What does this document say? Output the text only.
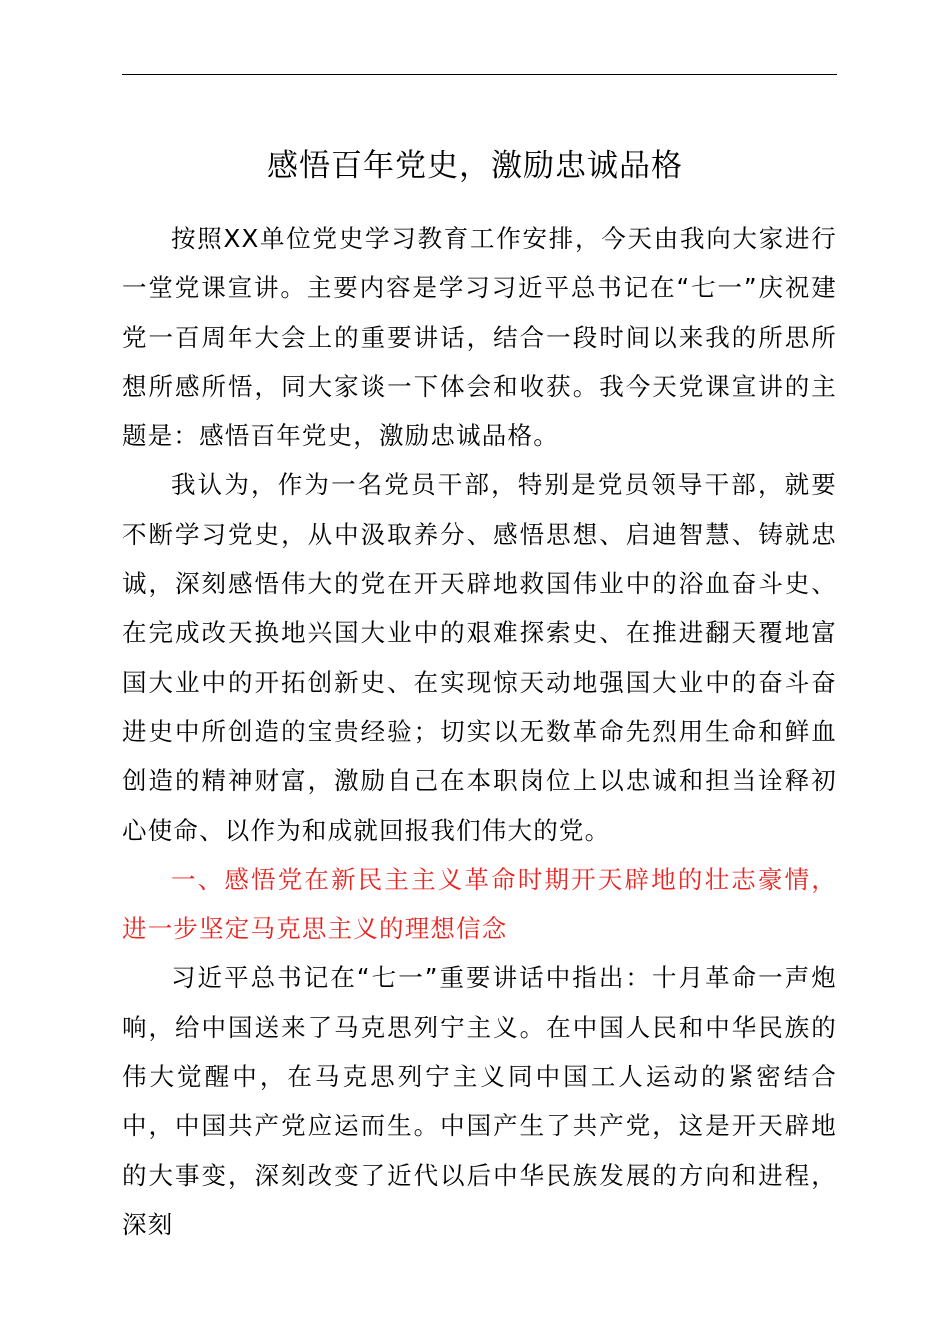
感悟百年党史，激励忠诚品格

按照XX单位党史学习教育工作安排，今天由我向大家进行一堂党课宣讲。主要内容是学习习近平总书记在“七一”庆祝建党一百周年大会上的重要讲话，结合一段时间以来我的所思所想所感所悟，同大家谈一下体会和收获。我今天党课宣讲的主题是：感悟百年党史，激励忠诚品格。

我认为，作为一名党员干部，特别是党员领导干部，就要不断学习党史，从中汲取养分、感悟思想、启迪智慧、铸就忠诚，深刻感悟伟大的党在开天辟地救国伟业中的浴血奋斗史、在完成改天换地兴国大业中的艰难探索史、在推进翻天覆地富国大业中的开拓创新史、在实现惊天动地强国大业中的奋斗奋进史中所创造的宝贵经验；切实以无数革命先烈用生命和鲜血创造的精神财富，激励自己在本职岗位上以忠诚和担当诠释初心使命、以作为和成就回报我们伟大的党。

一、感悟党在新民主主义革命时期开天辟地的壮志豪情，进一步坚定马克思主义的理想信念

习近平总书记在“七一”重要讲话中指出：十月革命一声炮响，给中国送来了马克思列宁主义。在中国人民和中华民族的伟大觉醒中，在马克思列宁主义同中国工人运动的紧密结合中，中国共产党应运而生。中国产生了共产党，这是开天辟地的大事变，深刻改变了近代以后中华民族发展的方向和进程，深刻
